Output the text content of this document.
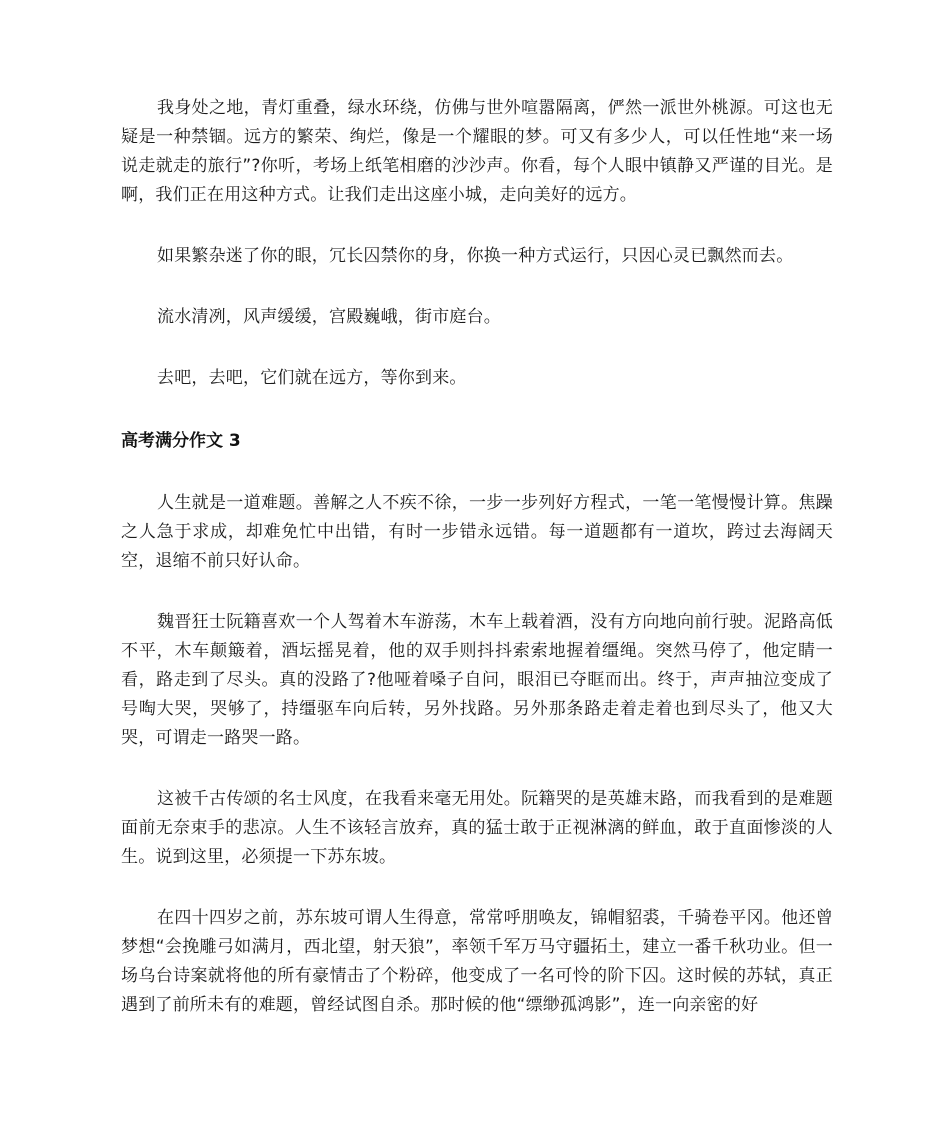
我身处之地，青灯重叠，绿水环绕，仿佛与世外喧嚣隔离，俨然一派世外桃源。可这也无疑是一种禁锢。远方的繁荣、绚烂，像是一个耀眼的梦。可又有多少人，可以任性地“来一场说走就走的旅行”?你听，考场上纸笔相磨的沙沙声。你看，每个人眼中镇静又严谨的目光。是啊，我们正在用这种方式。让我们走出这座小城，走向美好的远方。

如果繁杂迷了你的眼，冗长囚禁你的身，你换一种方式运行，只因心灵已飘然而去。

流水清冽，风声缓缓，宫殿巍峨，街市庭台。

去吧，去吧，它们就在远方，等你到来。

高考满分作文 3

人生就是一道难题。善解之人不疾不徐，一步一步列好方程式，一笔一笔慢慢计算。焦躁之人急于求成，却难免忙中出错，有时一步错永远错。每一道题都有一道坎，跨过去海阔天空，退缩不前只好认命。

魏晋狂士阮籍喜欢一个人驾着木车游荡，木车上载着酒，没有方向地向前行驶。泥路高低不平，木车颠簸着，酒坛摇晃着，他的双手则抖抖索索地握着缰绳。突然马停了，他定睛一看，路走到了尽头。真的没路了?他哑着嗓子自问，眼泪已夺眶而出。终于，声声抽泣变成了号啕大哭，哭够了，持缰驱车向后转，另外找路。另外那条路走着走着也到尽头了，他又大哭，可谓走一路哭一路。

这被千古传颂的名士风度，在我看来毫无用处。阮籍哭的是英雄末路，而我看到的是难题面前无奈束手的悲凉。人生不该轻言放弃，真的猛士敢于正视淋漓的鲜血，敢于直面惨淡的人生。说到这里，必须提一下苏东坡。

在四十四岁之前，苏东坡可谓人生得意，常常呼朋唤友，锦帽貂裘，千骑卷平冈。他还曾梦想“会挽雕弓如满月，西北望，射天狼”，率领千军万马守疆拓土，建立一番千秋功业。但一场乌台诗案就将他的所有豪情击了个粉碎，他变成了一名可怜的阶下囚。这时候的苏轼，真正遇到了前所未有的难题，曾经试图自杀。那时候的他“缥缈孤鸿影”，连一向亲密的好
